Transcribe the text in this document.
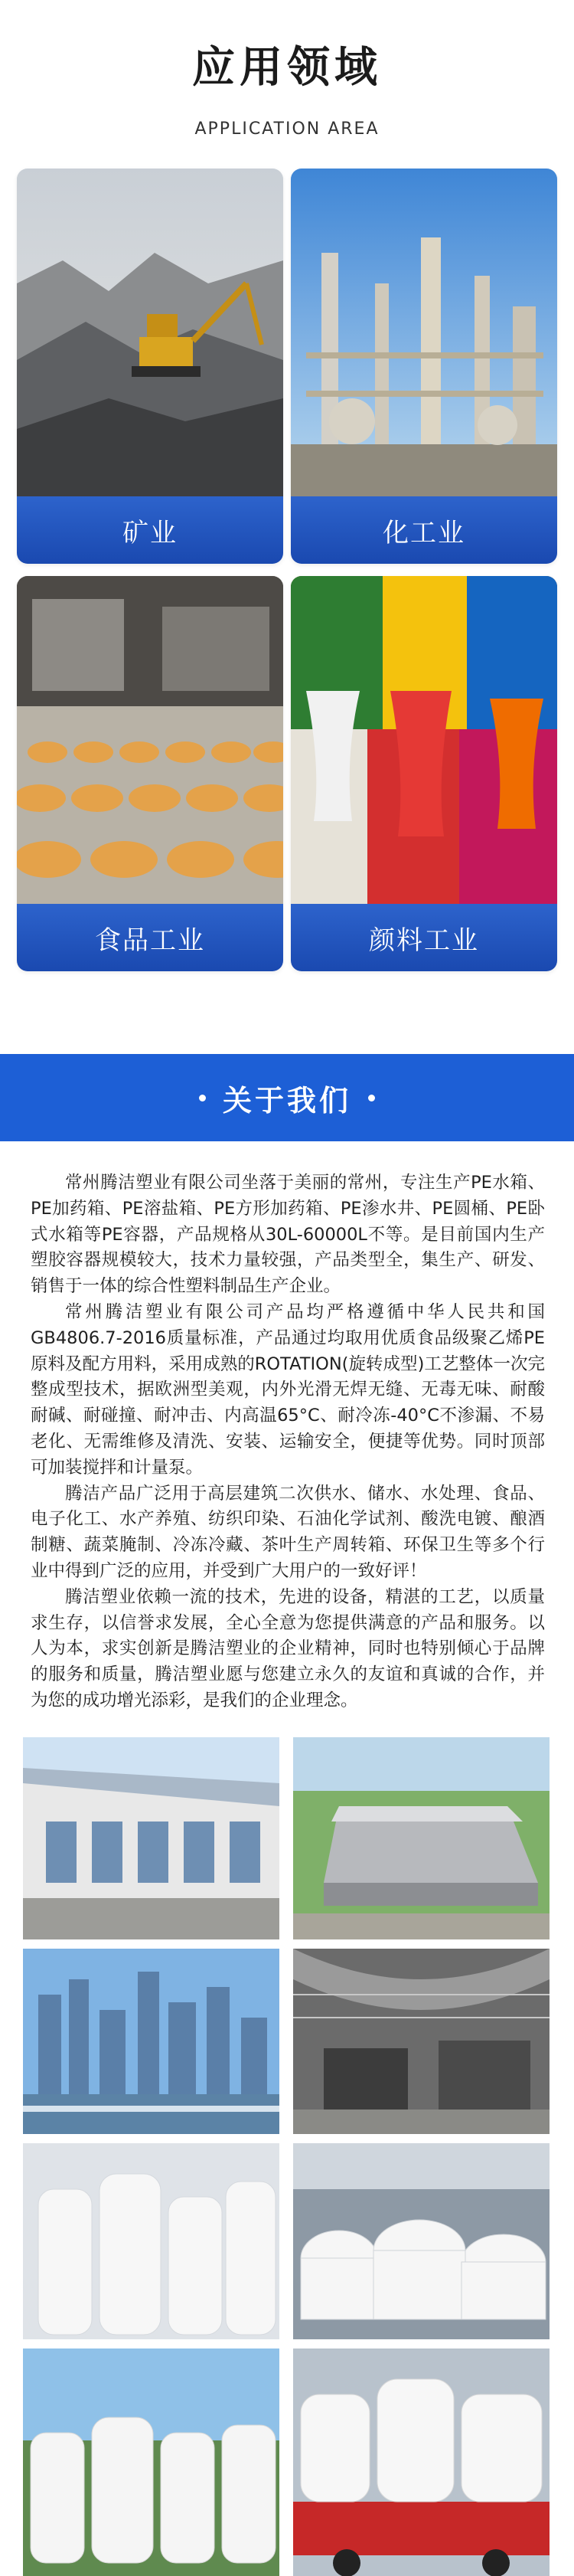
应用领域
APPLICATION AREA
矿业	化工业
食品工业	颜料工业
关于我们

常州腾洁塑业有限公司坐落于美丽的常州，专注生产PE水箱、PE加药箱、PE溶盐箱、PE方形加药箱、PE渗水井、PE圆桶、PE卧式水箱等PE容器，产品规格从30L-60000L不等。是目前国内生产塑胶容器规模较大，技术力量较强，产品类型全，集生产、研发、销售于一体的综合性塑料制品生产企业。

常州腾洁塑业有限公司产品均严格遵循中华人民共和国GB4806.7-2016质量标准，产品通过均取用优质食品级聚乙烯PE原料及配方用料，采用成熟的ROTATION(旋转成型)工艺整体一次完整成型技术，据欧洲型美观，内外光滑无焊无缝、无毒无味、耐酸耐碱、耐碰撞、耐冲击、内高温65°C、耐冷冻-40°C不渗漏、不易老化、无需维修及清洗、安装、运输安全，便捷等优势。同时顶部可加装搅拌和计量泵。

腾洁产品广泛用于高层建筑二次供水、储水、水处理、食品、电子化工、水产养殖、纺织印染、石油化学试剂、酸洗电镀、酿酒制糖、蔬菜腌制、冷冻冷藏、茶叶生产周转箱、环保卫生等多个行业中得到广泛的应用，并受到广大用户的一致好评！

腾洁塑业依赖一流的技术，先进的设备，精湛的工艺，以质量求生存，以信誉求发展，全心全意为您提供满意的产品和服务。以人为本，求实创新是腾洁塑业的企业精神，同时也特别倾心于品牌的服务和质量，腾洁塑业愿与您建立永久的友谊和真诚的合作，并为您的成功增光添彩，是我们的企业理念。
